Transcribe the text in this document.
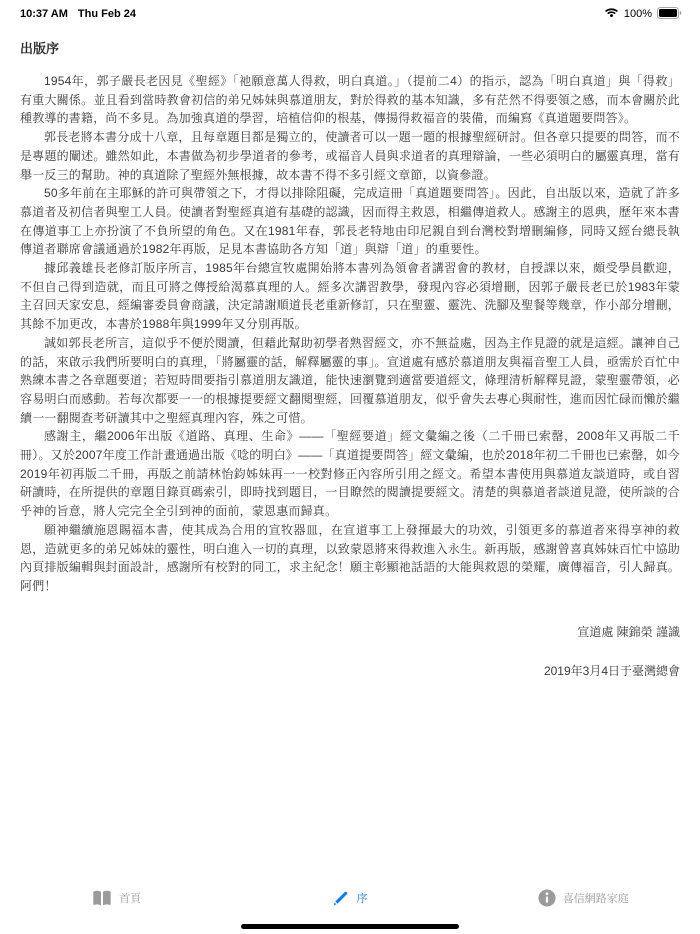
10:37 AM Thu Feb 24	100%
出版序

1954年，郭子嚴長老因見《聖經》「祂願意萬人得救，明白真道。」（提前二4）的指示，認為「明白真道」與「得救」有重大關係。並且看到當時教會初信的弟兄姊妹與慕道朋友，對於得救的基本知識，多有茫然不得要領之感，而本會關於此種教導的書籍，尚不多見。為加強真道的學習，培植信仰的根基，傳揚得救福音的裝備，而編寫《真道題要問答》。

郭長老將本書分成十八章，且每章題目都是獨立的，使讀者可以一題一題的根據聖經研討。但各章只提要的問答，而不是專題的闡述。雖然如此，本書做為初步學道者的參考，或福音人員與求道者的真理辯論，一些必須明白的屬靈真理，當有舉一反三的幫助。神的真道除了聖經外無根據，故本書不得不多引經文章節，以資參證。

50多年前在主耶穌的許可與帶領之下，才得以排除阻礙，完成這冊「真道題要問答」。因此，自出版以來，造就了許多慕道者及初信者與聖工人員。使讀者對聖經真道有基礎的認識，因而得主救恩，相繼傳道救人。感謝主的恩典，歷年來本書在傳道事工上亦扮演了不負所望的角色。又在1981年春，郭長老特地由印尼親自到台灣校對增刪編修，同時又經台總長執傳道者聯席會議通過於1982年再版，足見本書協助各方知「道」與辯「道」的重要性。

據邱義雄長老修訂版序所言，1985年台總宣牧處開始將本書列為領會者講習會的教材，自授課以來，頗受學員歡迎，不但自己得到造就，而且可將之傳授給渴慕真理的人。經多次講習教學，發現內容必須增刪，因郭子嚴長老已於1983年蒙主召回天家安息，經編審委員會商議，決定請謝順道長老重新修訂，只在聖靈、靈洗、洗腳及聖餐等幾章，作小部分增刪，其餘不加更改，本書於1988年與1999年又分別再版。

誠如郭長老所言，這似乎不便於閱讀，但藉此幫助初學者熟習經文，亦不無益處，因為主作見證的就是這經。讓神自己的話，來啟示我們所要明白的真理，「將屬靈的話，解釋屬靈的事」。宣道處有感於慕道朋友與福音聖工人員，亟需於百忙中熟練本書之各章題要道；若短時間要指引慕道朋友識道，能快速瀏覽到適當要道經文，條理清析解釋見證，蒙聖靈帶領，必容易明白而感動。若每次都要一一的根據提要經文翻閱聖經，回覆慕道朋友，似乎會失去專心與耐性，進而因忙碌而懶於繼續一一翻閱查考研讀其中之聖經真理內容，殊之可惜。

感謝主，繼2006年出版《道路、真理、生命》——「聖經要道」經文彙編之後（二千冊已索罄，2008年又再版二千冊）。又於2007年度工作計畫通過出版《唸的明白》——「真道提要問答」經文彙編，也於2018年初二千冊也已索罄，如今2019年初再版二千冊，再版之前請林怡鈞姊妹再一一校對修正內容所引用之經文。希望本書使用與慕道友談道時，或自習研讀時，在所提供的章題目錄頁碼索引，即時找到題目，一目瞭然的閱讀提要經文。清楚的與慕道者談道見證，使所談的合乎神的旨意，將人完完全全引到神的面前，蒙恩惠而歸真。

願神繼續施恩賜福本書，使其成為合用的宣牧器皿，在宣道事工上發揮最大的功效，引領更多的慕道者來得享神的救恩，造就更多的弟兄姊妹的靈性，明白進入一切的真理，以致蒙恩將來得救進入永生。新再版，感謝曾喜真姊妹百忙中協助內頁排版編輯與封面設計，感謝所有校對的同工，求主紀念！願主彰顯祂話語的大能與救恩的榮耀，廣傳福音，引人歸真。阿們！

宣道處 陳錦榮 謹識
2019年3月4日于臺灣總會
首頁	序	喜信網路家庭
